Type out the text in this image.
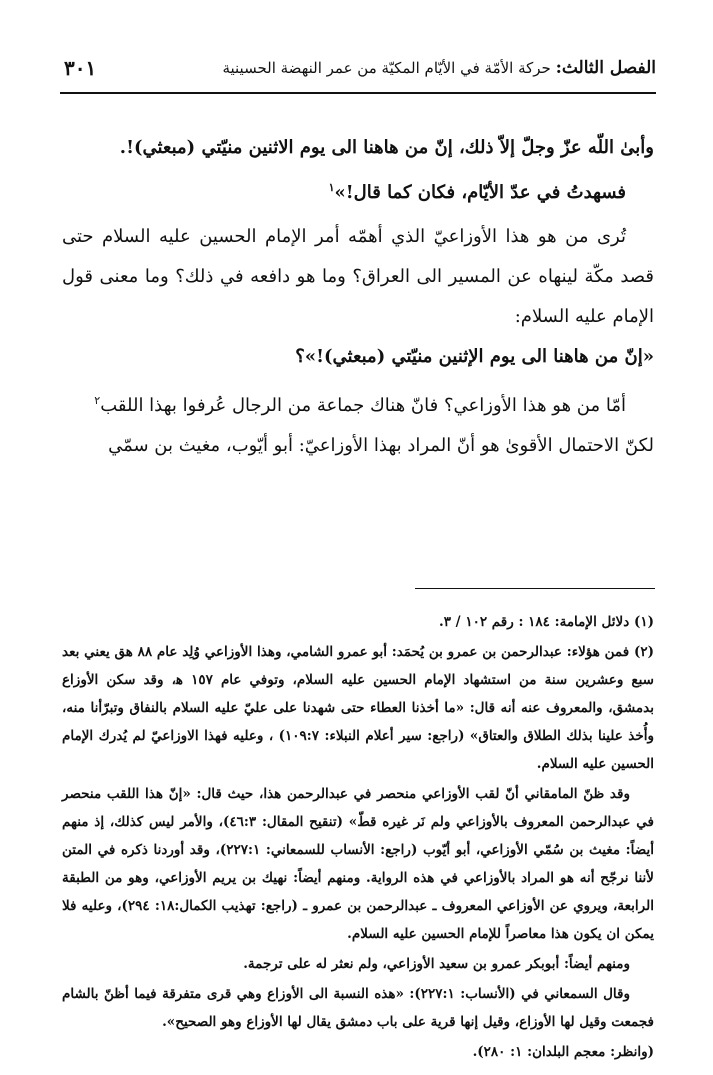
الفصل الثالث: حركة الأمّة في الأيّام المكيّة من عمر النهضة الحسينية
٣٠١

وأبىٰ اللّه عزّ وجلّ إلاّ ذلك، إنّ من هاهنا الى يوم الاثنين منيّتي (مبعثي)!.

فسهدتُ في عدّ الأيّام، فكان كما قال!»$^١$

تُرى من هو هذا الأوزاعيّ الذي أهمّه أمر الإمام الحسين عليه السلام حتى قصد مكّة لينهاه عن المسير الى العراق؟ وما هو دافعه في ذلك؟ وما معنى قول الإمام عليه السلام:

«إنّ من هاهنا الى يوم الإثنين منيّتي (مبعثي)!»؟

أمّا من هو هذا الأوزاعي؟ فانّ هناك جماعة من الرجال عُرفوا بهذا اللقب$^٢$

لكنّ الاحتمال الأقوىٰ هو أنّ المراد بهذا الأوزاعيّ: أبو أيّوب، مغيث بن سمّي

(١) دلائل الإمامة: ١٨٤ : رقم ١٠٢ / ٣.

(٢) فمن هؤلاء: عبدالرحمن بن عمرو بن يُحمَد: أبو عمرو الشامي، وهذا الأوزاعي وُلِد عام ٨٨ هق يعني بعد سبع وعشرين سنة من استشهاد الإمام الحسين عليه السلام، وتوفي عام ١٥٧ ه‍، وقد سكن الأوزاع بدمشق، والمعروف عنه أنه قال: «ما أخذنا العطاء حتى شهدنا على عليّ عليه السلام بالنفاق وتبرّأنا منه، وأُخذ علينا بذلك الطلاق والعتاق» (راجع: سير أعلام النبلاء: ١٠٩:٧) ، وعليه فهذا الاوزاعيّ لم يُدرك الإمام الحسين عليه السلام.

وقد ظنّ المامقاني أنّ لقب الأوزاعي منحصر في عبدالرحمن هذا، حيث قال: «إنّ هذا اللقب منحصر في عبدالرحمن المعروف بالأوزاعي ولم نَر غيره قطّ» (تنقيح المقال: ٤٦:٣)، والأمر ليس كذلك، إذ منهم أيضاً: مغيث بن سُمّي الأوزاعي، أبو أيّوب (راجع: الأنساب للسمعاني: ٢٢٧:١)، وقد أوردنا ذكره في المتن لأننا نرجّح أنه هو المراد بالأوزاعي في هذه الرواية. ومنهم أيضاً: نهيك بن يريم الأوزاعي، وهو من الطبقة الرابعة، ويروي عن الأوزاعي المعروف ـ عبدالرحمن بن عمرو ـ (راجع: تهذيب الكمال:١٨: ٢٩٤)، وعليه فلا يمكن ان يكون هذا معاصراً للإمام الحسين عليه السلام.

ومنهم أيضاً: أبوبكر عمرو بن سعيد الأوزاعي، ولم نعثر له على ترجمة.

وقال السمعاني في (الأنساب: ٢٢٧:١): «هذه النسبة الى الأوزاع وهي قرى متفرقة فيما أظنّ بالشام فجمعت وقيل لها الأوزاع، وقيل إنها قرية على باب دمشق يقال لها الأوزاع وهو الصحيح».

(وانظر: معجم البلدان: ١: ٢٨٠).
